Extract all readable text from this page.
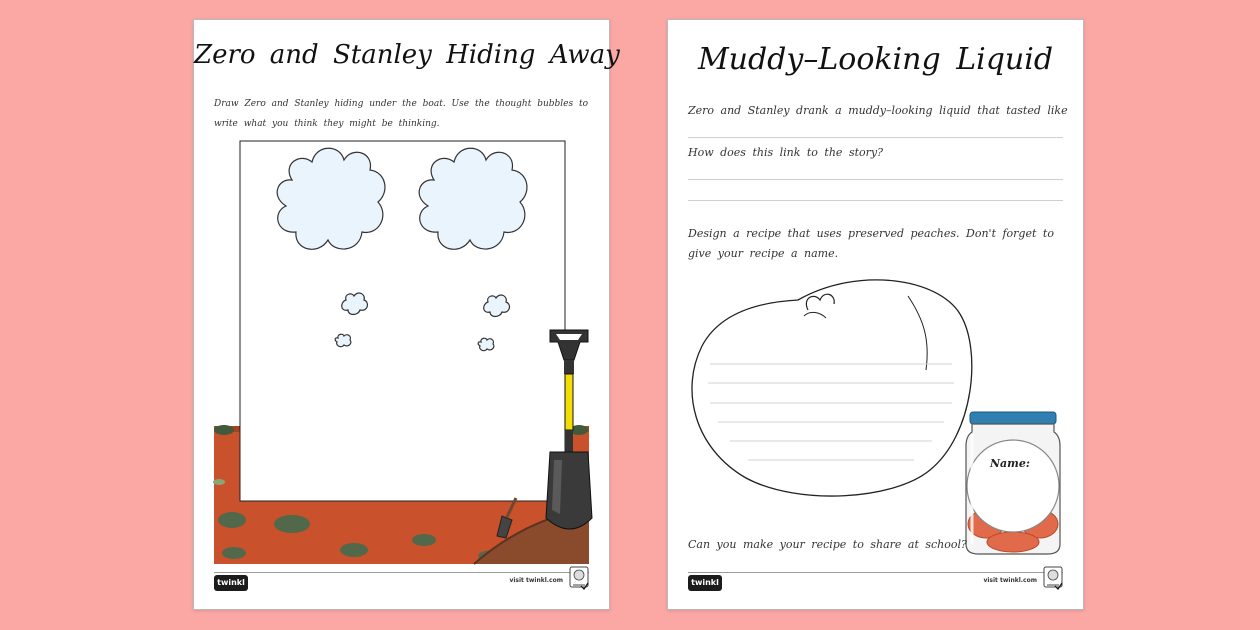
Zero and Stanley Hiding Away
Draw Zero and Stanley hiding under the boat. Use the thought bubbles to write what you think they might be thinking.
twinkl	visit twinkl.com
Muddy–Looking Liquid
Zero and Stanley drank a muddy–looking liquid that tasted like
How does this link to the story?
Design a recipe that uses preserved peaches. Don't forget to give your recipe a name.
Name:
Can you make your recipe to share at school?
twinkl	visit twinkl.com
